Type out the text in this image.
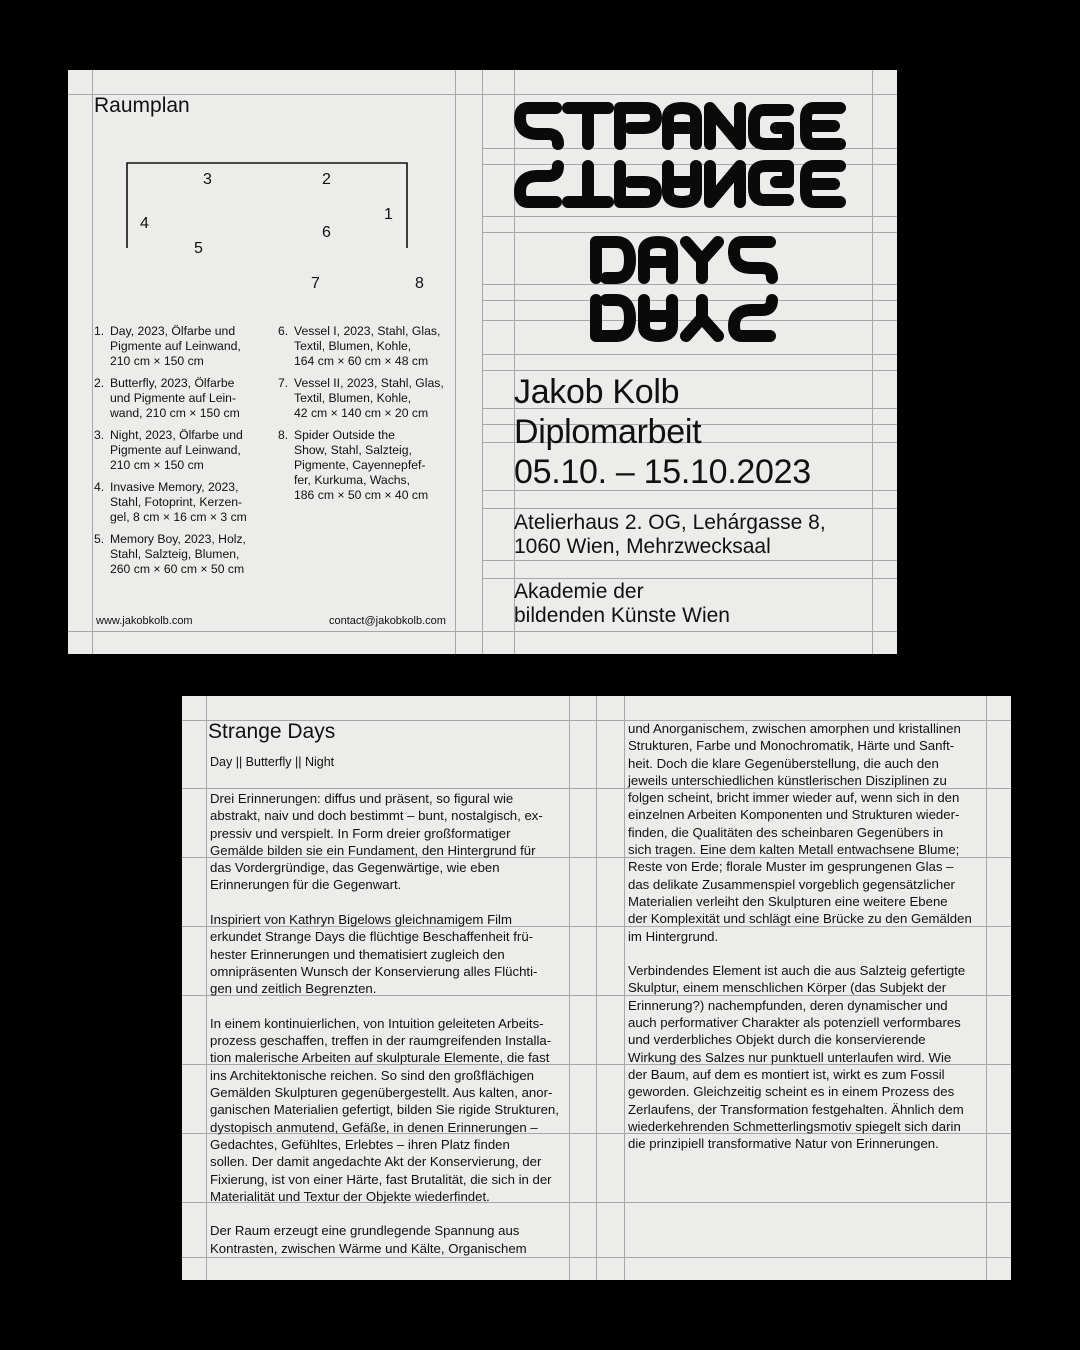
Raumplan
3	2
1
4
6
5
7	8
1. Day, 2023, Ölfarbe und
Pigmente auf Leinwand,
210 cm × 150 cm
2. Butterfly, 2023, Ölfarbe
und Pigmente auf Lein-
wand, 210 cm × 150 cm
3. Night, 2023, Ölfarbe und
Pigmente auf Leinwand,
210 cm × 150 cm
4. Invasive Memory, 2023,
Stahl, Fotoprint, Kerzen-
gel, 8 cm × 16 cm × 3 cm
5. Memory Boy, 2023, Holz,
Stahl, Salzteig, Blumen,
260 cm × 60 cm × 50 cm
6. Vessel I, 2023, Stahl, Glas,
Textil, Blumen, Kohle,
164 cm × 60 cm × 48 cm
7. Vessel II, 2023, Stahl, Glas,
Textil, Blumen, Kohle,
42 cm × 140 cm × 20 cm
8. Spider Outside the
Show, Stahl, Salzteig,
Pigmente, Cayennepfef-
fer, Kurkuma, Wachs,
186 cm × 50 cm × 40 cm
www.jakobkolb.com	contact@jakobkolb.com
Jakob Kolb
Diplomarbeit
05.10. – 15.10.2023
Atelierhaus 2. OG, Lehárgasse 8,
1060 Wien, Mehrzwecksaal
Akademie der
bildenden Künste Wien
Strange Days
Day || Butterfly || Night
Drei Erinnerungen: diffus und präsent, so figural wie
abstrakt, naiv und doch bestimmt – bunt, nostalgisch, ex-
pressiv und verspielt. In Form dreier großformatiger
Gemälde bilden sie ein Fundament, den Hintergrund für
das Vordergründige, das Gegenwärtige, wie eben
Erinnerungen für die Gegenwart.
Inspiriert von Kathryn Bigelows gleichnamigem Film
erkundet Strange Days die flüchtige Beschaffenheit frü-
hester Erinnerungen und thematisiert zugleich den
omnipräsenten Wunsch der Konservierung alles Flüchti-
gen und zeitlich Begrenzten.
In einem kontinuierlichen, von Intuition geleiteten Arbeits-
prozess geschaffen, treffen in der raumgreifenden Installa-
tion malerische Arbeiten auf skulpturale Elemente, die fast
ins Architektonische reichen. So sind den großflächigen
Gemälden Skulpturen gegenübergestellt. Aus kalten, anor-
ganischen Materialien gefertigt, bilden Sie rigide Strukturen,
dystopisch anmutend, Gefäße, in denen Erinnerungen –
Gedachtes, Gefühltes, Erlebtes – ihren Platz finden
sollen. Der damit angedachte Akt der Konservierung, der
Fixierung, ist von einer Härte, fast Brutalität, die sich in der
Materialität und Textur der Objekte wiederfindet.
Der Raum erzeugt eine grundlegende Spannung aus
Kontrasten, zwischen Wärme und Kälte, Organischem
und Anorganischem, zwischen amorphen und kristallinen
Strukturen, Farbe und Monochromatik, Härte und Sanft-
heit. Doch die klare Gegenüberstellung, die auch den
jeweils unterschiedlichen künstlerischen Disziplinen zu
folgen scheint, bricht immer wieder auf, wenn sich in den
einzelnen Arbeiten Komponenten und Strukturen wieder-
finden, die Qualitäten des scheinbaren Gegenübers in
sich tragen. Eine dem kalten Metall entwachsene Blume;
Reste von Erde; florale Muster im gesprungenen Glas –
das delikate Zusammenspiel vorgeblich gegensätzlicher
Materialien verleiht den Skulpturen eine weitere Ebene
der Komplexität und schlägt eine Brücke zu den Gemälden
im Hintergrund.
Verbindendes Element ist auch die aus Salzteig gefertigte
Skulptur, einem menschlichen Körper (das Subjekt der
Erinnerung?) nachempfunden, deren dynamischer und
auch performativer Charakter als potenziell verformbares
und verderbliches Objekt durch die konservierende
Wirkung des Salzes nur punktuell unterlaufen wird. Wie
der Baum, auf dem es montiert ist, wirkt es zum Fossil
geworden. Gleichzeitig scheint es in einem Prozess des
Zerlaufens, der Transformation festgehalten. Ähnlich dem
wiederkehrenden Schmetterlingsmotiv spiegelt sich darin
die prinzipiell transformative Natur von Erinnerungen.
